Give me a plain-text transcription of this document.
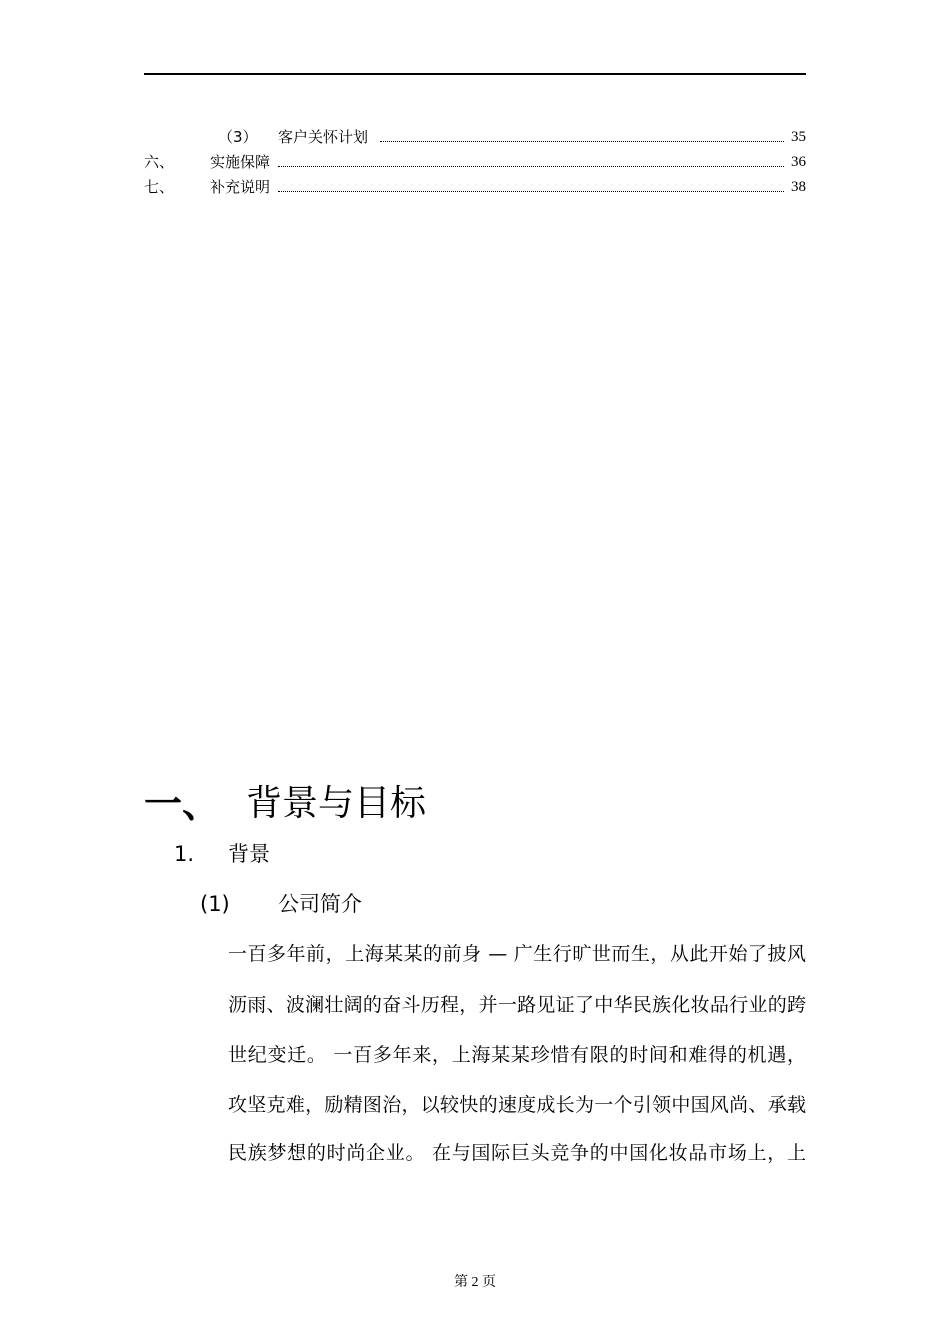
（3） 客户关怀计划	35
六、 实施保障	36
七、 补充说明	38
一、 背景与目标
1. 背景
(1) 公司简介
一百多年前，上海某某的前身 — 广生行旷世而生，从此开始了披风
沥雨、波澜壮阔的奋斗历程，并一路见证了中华民族化妆品行业的跨
世纪变迁。 一百多年来，上海某某珍惜有限的时间和难得的机遇，
攻坚克难，励精图治，以较快的速度成长为一个引领中国风尚、承载
民族梦想的时尚企业。 在与国际巨头竞争的中国化妆品市场上，上
第 2 页
